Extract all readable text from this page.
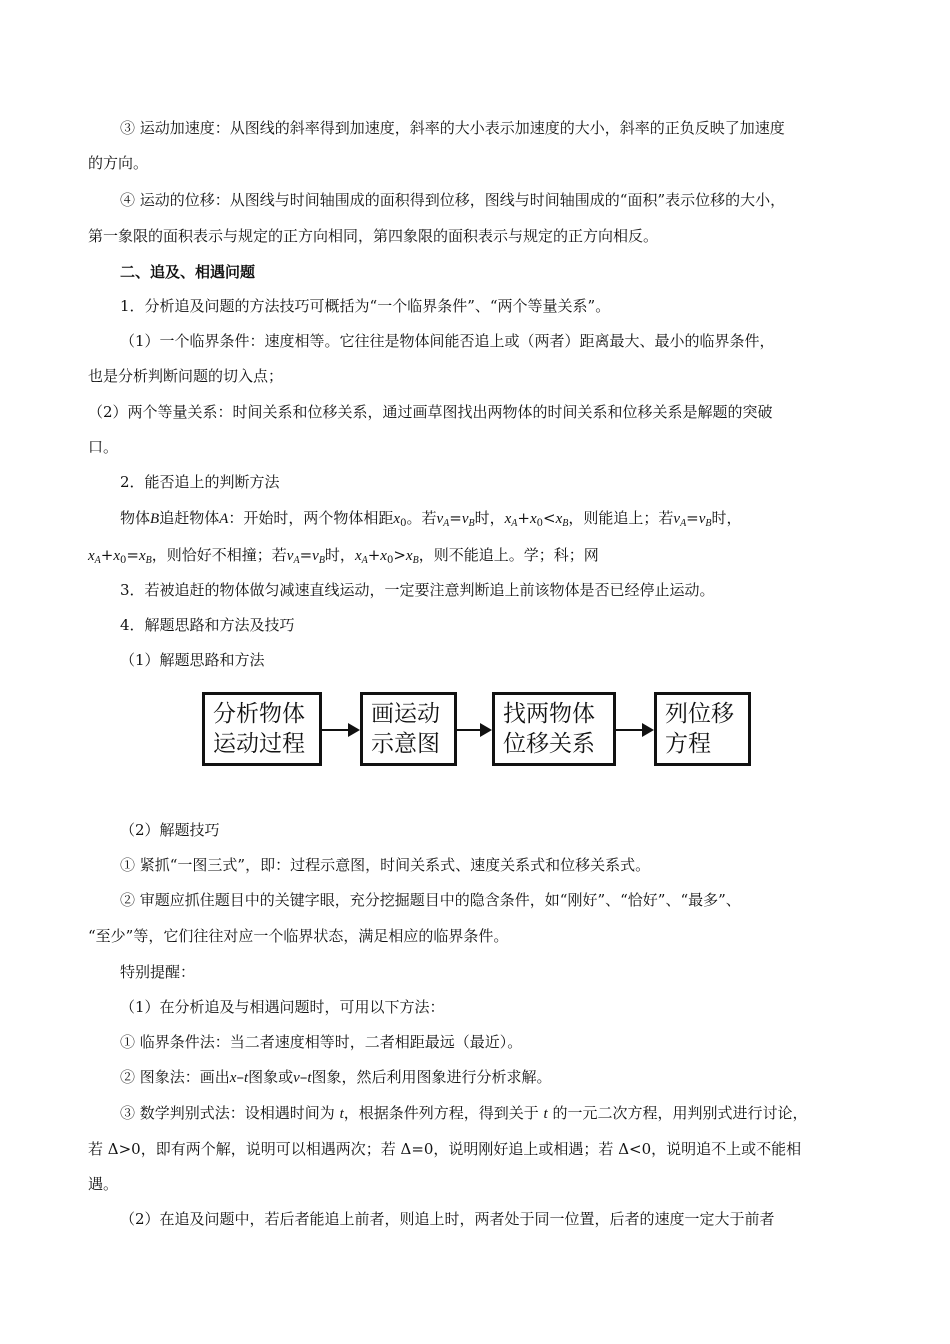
③ 运动加速度：从图线的斜率得到加速度，斜率的大小表示加速度的大小，斜率的正负反映了加速度
的方向。
④ 运动的位移：从图线与时间轴围成的面积得到位移，图线与时间轴围成的“面积”表示位移的大小，
第一象限的面积表示与规定的正方向相同，第四象限的面积表示与规定的正方向相反。
二、追及、相遇问题
1．分析追及问题的方法技巧可概括为“一个临界条件”、“两个等量关系”。
（1）一个临界条件：速度相等。它往往是物体间能否追上或（两者）距离最大、最小的临界条件，
也是分析判断问题的切入点；
（2）两个等量关系：时间关系和位移关系，通过画草图找出两物体的时间关系和位移关系是解题的突破
口。
2．能否追上的判断方法
物体B追赶物体A：开始时，两个物体相距$x_0$。若$v_A=v_B$时，$x_A+x_0<x_B$，则能追上；若$v_A=v_B$时，
$x_A+x_0=x_B$，则恰好不相撞；若$v_A=v_B$时，$x_A+x_0>x_B$，则不能追上。学；科；网
3．若被追赶的物体做匀减速直线运动，一定要注意判断追上前该物体是否已经停止运动。
4．解题思路和方法及技巧
（1）解题思路和方法
分析物体
运动过程
画运动
示意图
找两物体
位移关系
列位移
方程
（2）解题技巧
① 紧抓“一图三式”，即：过程示意图，时间关系式、速度关系式和位移关系式。
② 审题应抓住题目中的关键字眼，充分挖掘题目中的隐含条件，如“刚好”、“恰好”、“最多”、
“至少”等，它们往往对应一个临界状态，满足相应的临界条件。
特别提醒：
（1）在分析追及与相遇问题时，可用以下方法：
① 临界条件法：当二者速度相等时，二者相距最远（最近）。
② 图象法：画出x–t图象或v–t图象，然后利用图象进行分析求解。
③ 数学判别式法：设相遇时间为 t，根据条件列方程，得到关于 t 的一元二次方程，用判别式进行讨论，
若 Δ>0，即有两个解，说明可以相遇两次；若 Δ=0，说明刚好追上或相遇；若 Δ<0，说明追不上或不能相
遇。
（2）在追及问题中，若后者能追上前者，则追上时，两者处于同一位置，后者的速度一定大于前者
